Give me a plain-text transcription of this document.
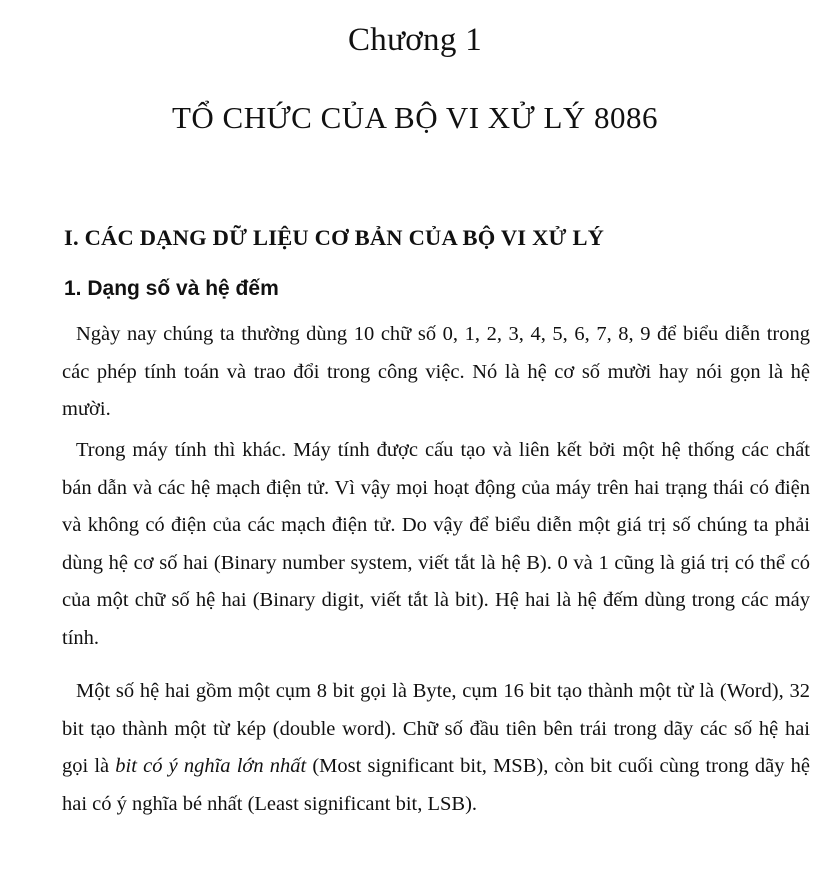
Chương 1
TỔ CHỨC CỦA BỘ VI XỬ LÝ 8086
I. CÁC DẠNG DỮ LIỆU CƠ BẢN CỦA BỘ VI XỬ LÝ
1. Dạng số và hệ đếm

Ngày nay chúng ta thường dùng 10 chữ số 0, 1, 2, 3, 4, 5, 6, 7, 8, 9 để biểu diễn trong các phép tính toán và trao đổi trong công việc. Nó là hệ cơ số mười hay nói gọn là hệ mười.

Trong máy tính thì khác. Máy tính được cấu tạo và liên kết bởi một hệ thống các chất bán dẫn và các hệ mạch điện tử. Vì vậy mọi hoạt động của máy trên hai trạng thái có điện và không có điện của các mạch điện tử. Do vậy để biểu diễn một giá trị số chúng ta phải dùng hệ cơ số hai (Binary number system, viết tắt là hệ B). 0 và 1 cũng là giá trị có thể có của một chữ số hệ hai (Binary digit, viết tắt là bit). Hệ hai là hệ đếm dùng trong các máy tính.

Một số hệ hai gồm một cụm 8 bit gọi là Byte, cụm 16 bit tạo thành một từ là (Word), 32 bit tạo thành một từ kép (double word). Chữ số đầu tiên bên trái trong dãy các số hệ hai gọi là bit có ý nghĩa lớn nhất (Most significant bit, MSB), còn bit cuối cùng trong dãy hệ hai có ý nghĩa bé nhất (Least significant bit, LSB).
